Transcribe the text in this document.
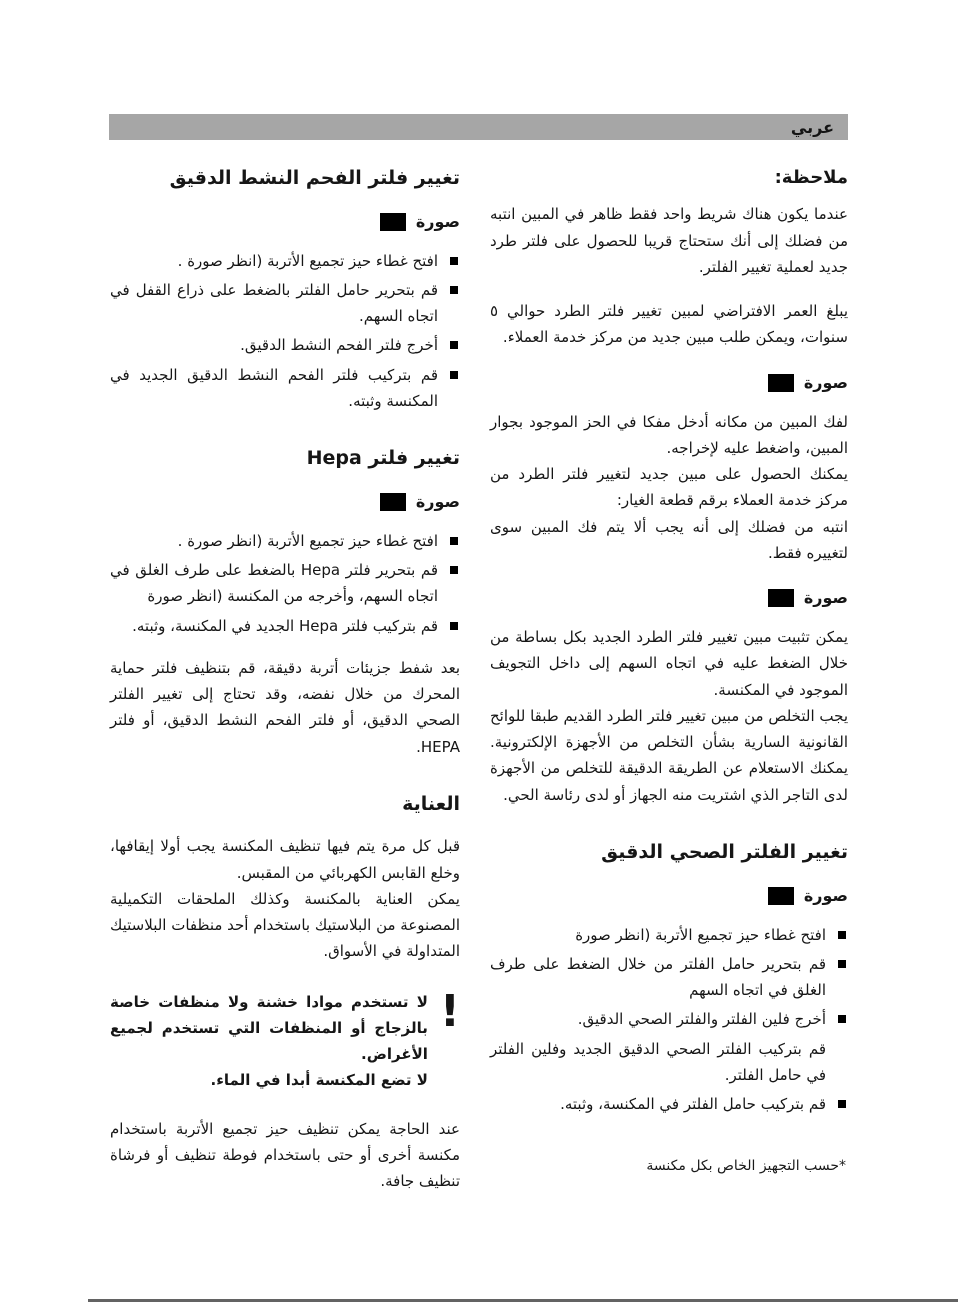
عربي
ملاحظة:

عندما يكون هناك شريط واحد فقط ظاهر في المبين انتبه من فضلك إلى أنك ستحتاج قريبا للحصول على فلتر طرد جديد لعملية تغيير الفلتر.

يبلغ العمر الافتراضي لمبين تغيير فلتر الطرد حوالي ٥ سنوات، ويمكن طلب مبين جديد من مركز خدمة العملاء.

صورة

لفك المبين من مكانه أدخل مفكا في الحز الموجود بجوار المبين، واضغط عليه لإخراجه.

يمكنك الحصول على مبين جديد لتغيير فلتر الطرد من مركز خدمة العملاء برقم قطعة الغيار:

انتبه من فضلك إلى أنه يجب ألا يتم فك المبين سوى لتغييره فقط.

صورة

يمكن تثبيت مبين تغيير فلتر الطرد الجديد بكل بساطة من خلال الضغط عليه في اتجاه السهم إلى داخل التجويف الموجود في المكنسة.

يجب التخلص من مبين تغيير فلتر الطرد القديم طبقا للوائح القانونية السارية بشأن التخلص من الأجهزة الإلكترونية. يمكنك الاستعلام عن الطريقة الدقيقة للتخلص من الأجهزة لدى التاجر الذي اشتريت منه الجهاز أو لدى رئاسة الحي.

تغيير الفلتر الصحي الدقيق
صورة
افتح غطاء حيز تجميع الأتربة (انظر صورة
قم بتحرير حامل الفلتر من خلال الضغط على طرف الغلق في اتجاه السهم
أخرج فلين الفلتر والفلتر الصحي الدقيق.
قم بتركيب الفلتر الصحي الدقيق الجديد وفلين الفلتر في حامل الفلتر.
قم بتركيب حامل الفلتر في المكنسة، وثبته.
تغيير فلتر الفحم النشط الدقيق
صورة
افتح غطاء حيز تجميع الأتربة (انظر صورة .
قم بتحرير حامل الفلتر بالضغط على ذراع القفل في اتجاه السهم.
أخرج فلتر الفحم النشط الدقيق.
قم بتركيب فلتر الفحم النشط الدقيق الجديد في المكنسة وثبته.
تغيير فلتر Hepa
صورة
افتح غطاء حيز تجميع الأتربة (انظر صورة .
قم بتحرير فلتر Hepa بالضغط على طرف الغلق في اتجاه السهم، وأخرجه من المكنسة (انظر صورة
قم بتركيب فلتر Hepa الجديد في المكنسة، وثبته.

بعد شفط جزيئات أتربة دقيقة، قم بتنظيف فلتر حماية المحرك من خلال نفضه، وقد تحتاج إلى تغيير الفلتر الصحي الدقيق، أو فلتر الفحم النشط الدقيق، أو فلتر HEPA.

العناية

قبل كل مرة يتم فيها تنظيف المكنسة يجب أولا إيقافها، وخلع القابس الكهربائي من المقبس.

يمكن العناية بالمكنسة وكذلك الملحقات التكميلية المصنوعة من البلاستيك باستخدام أحد منظفات البلاستيك المتداولة في الأسواق.

!

لا تستخدم موادا خشنة ولا منظفات خاصة بالزجاج أو المنظفات التي تستخدم لجميع الأغراض.

لا تضع المكنسة أبدا في الماء.

عند الحاجة يمكن تنظيف حيز تجميع الأتربة باستخدام مكنسة أخرى أو حتى باستخدام فوطة تنظيف أو فرشاة تنظيف جافة.

*حسب التجهيز الخاص بكل مكنسة
